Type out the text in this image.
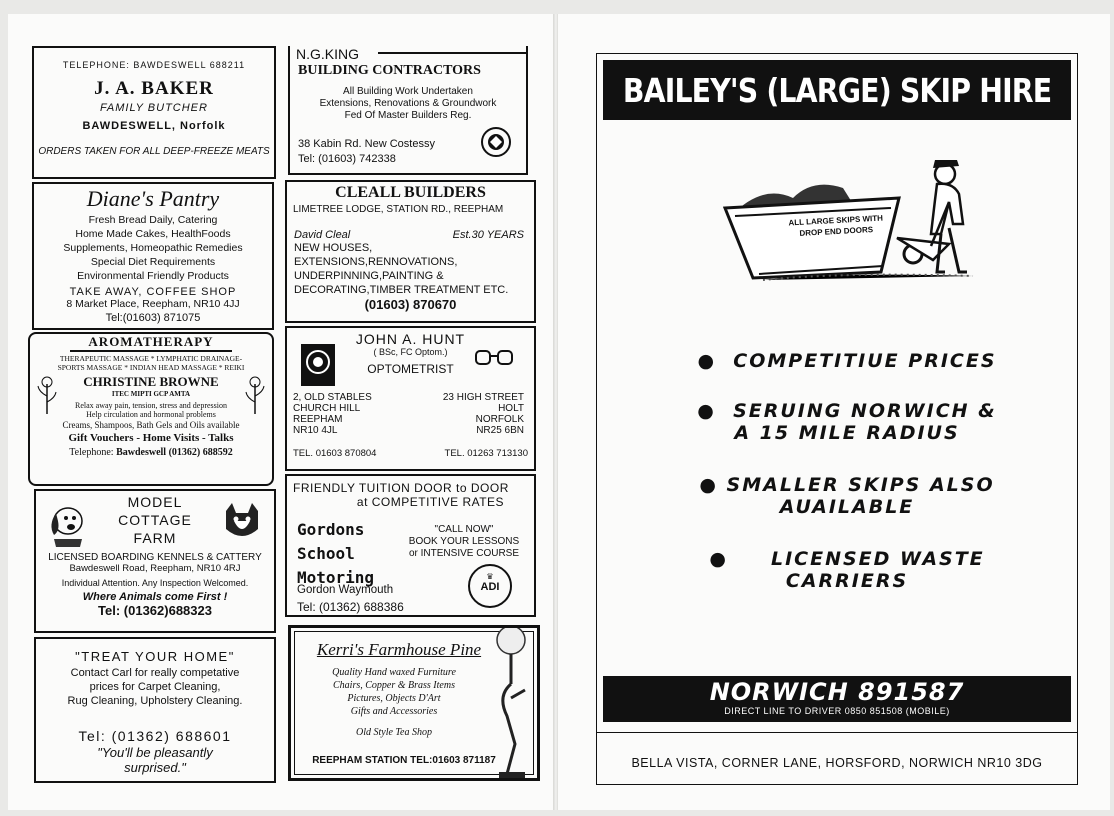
TELEPHONE: BAWDESWELL 688211
J. A. BAKER
FAMILY BUTCHER
BAWDESWELL, Norfolk
ORDERS TAKEN FOR ALL DEEP-FREEZE MEATS
N.G.KING
BUILDING CONTRACTORS
All Building Work Undertaken
Extensions, Renovations & Groundwork
Fed Of Master Builders Reg.
38 Kabin Rd. New Costessy
Tel: (01603) 742338
Diane's Pantry
Fresh Bread Daily, Catering
Home Made Cakes, HealthFoods
Supplements, Homeopathic Remedies
Special Diet Requirements
Environmental Friendly Products
TAKE AWAY, COFFEE SHOP
8 Market Place, Reepham, NR10 4JJ
Tel:(01603) 871075
CLEALL BUILDERS
LIMETREE LODGE, STATION RD., REEPHAM
David Cleal	Est.30 YEARS
NEW HOUSES,
EXTENSIONS,RENNOVATIONS,
UNDERPINNING,PAINTING &
DECORATING,TIMBER TREATMENT ETC.
(01603) 870670
AROMATHERAPY
THERAPEUTIC MASSAGE * LYMPHATIC DRAINAGE-
SPORTS MASSAGE * INDIAN HEAD MASSAGE * REIKI
CHRISTINE BROWNE
ITEC MIPTI GCP AMTA
Relax away pain, tension, stress and depression
Help circulation and hormonal problems
Creams, Shampoos, Bath Gels and Oils available
Gift Vouchers - Home Visits - Talks
Telephone: Bawdeswell (01362) 688592
JOHN A. HUNT
( BSc, FC Optom.)
OPTOMETRIST
2, OLD STABLES
CHURCH HILL
REEPHAM
NR10 4JL
23 HIGH STREET
HOLT
NORFOLK
NR25 6BN
TEL. 01603 870804	TEL. 01263 713130
MODEL
COTTAGE
FARM
LICENSED BOARDING KENNELS & CATTERY
Bawdeswell Road, Reepham, NR10 4RJ
Individual Attention. Any Inspection Welcomed.
Where Animals come First !
Tel: (01362)688323
FRIENDLY TUITION DOOR to DOOR
at COMPETITIVE RATES
Gordons
School
Motoring
"CALL NOW"
BOOK YOUR LESSONS
or INTENSIVE COURSE
Gordon Waymouth
Tel: (01362) 688386
♛
ADI
"TREAT YOUR HOME"
Contact Carl for really competative
prices for Carpet Cleaning,
Rug Cleaning, Upholstery Cleaning.
Tel: (01362) 688601
"You'll be pleasantly
surprised."
Kerri's Farmhouse Pine
Quality Hand waxed Furniture
Chairs, Copper & Brass Items
Pictures, Objects D'Art
Gifts and Accessories
Old Style Tea Shop
REEPHAM STATION TEL:01603 871187
BAILEY'S (LARGE) SKIP HIRE
ALL LARGE SKIPS WITH
DROP END DOORS
●  COMPETITIUE PRICES
●  SERUING NORWICH &
A 15 MILE RADIUS
● SMALLER SKIPS ALSO
AUAILABLE
●     LICENSED WASTE
CARRIERS
NORWICH 891587
DIRECT LINE TO DRIVER 0850 851508 (MOBILE)
BELLA VISTA, CORNER LANE, HORSFORD, NORWICH NR10 3DG
